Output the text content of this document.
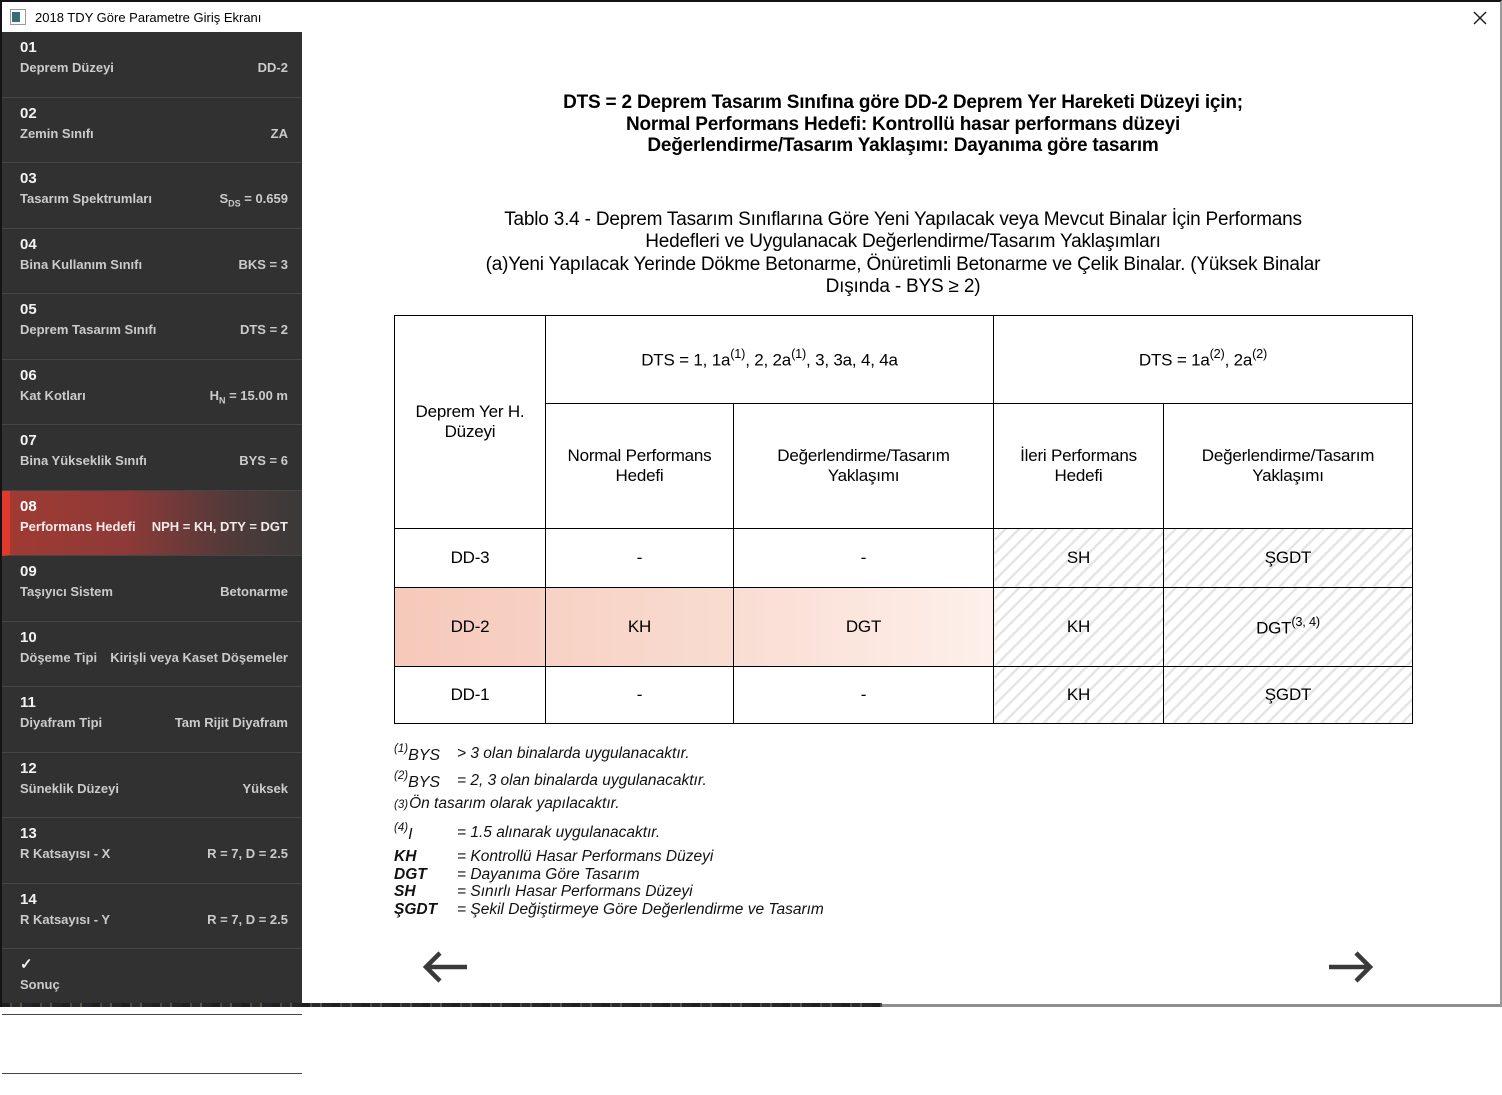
2018 TDY Göre Parametre Giriş Ekranı
01
Deprem Düzeyi	DD-2
02
Zemin Sınıfı	ZA
03
Tasarım Spektrumları	$S_{DS} = 0.659$
04
Bina Kullanım Sınıfı	BKS = 3
05
Deprem Tasarım Sınıfı	DTS = 2
06
Kat Kotları	$H_N = 15.00$ m
07
Bina Yükseklik Sınıfı	BYS = 6
08
Performans Hedefi NPH = KH, DTY = DGT
09
Taşıyıcı Sistem	Betonarme
10
Döşeme Tipi Kirişli veya Kaset Döşemeler
11
Diyafram Tipi	Tam Rijit Diyafram
12
Süneklik Düzeyi	Yüksek
13
R Katsayısı - X	R = 7, D = 2.5
14
R Katsayısı - Y	R = 7, D = 2.5
✓
Sonuç
DTS = 2 Deprem Tasarım Sınıfına göre DD-2 Deprem Yer Hareketi Düzeyi için;
Normal Performans Hedefi: Kontrollü hasar performans düzeyi
Değerlendirme/Tasarım Yaklaşımı: Dayanıma göre tasarım
Tablo 3.4 - Deprem Tasarım Sınıflarına Göre Yeni Yapılacak veya Mevcut Binalar İçin Performans
Hedefleri ve Uygulanacak Değerlendirme/Tasarım Yaklaşımları
(a)Yeni Yapılacak Yerinde Dökme Betonarme, Önüretimli Betonarme ve Çelik Binalar. (Yüksek Binalar
Dışında - BYS ≥ 2)
Deprem Yer H. Düzeyi	DTS = 1, $1a^{(1)}$, 2, $2a^{(1)}$, 3, 3a, 4, 4a		DTS = $1a^{(2)}$, $2a^{(2)}$
	Normal Performans Hedefi	Değerlendirme/Tasarım Yaklaşımı	İleri Performans Hedefi	Değerlendirme/Tasarım Yaklaşımı
DD-3	-	-	SH	ŞGDT
DD-2	KH	DGT	KH	DGT$^{(3, 4)}$
DD-1	-	-	KH	ŞGDT
$^{(1)}$BYS	> 3 olan binalarda uygulanacaktır.
$^{(2)}$BYS	= 2, 3 olan binalarda uygulanacaktır.
(3) Ön tasarım olarak yapılacaktır.
$^{(4)}$I	= 1.5 alınarak uygulanacaktır.
KH	= Kontrollü Hasar Performans Düzeyi
DGT	= Dayanıma Göre Tasarım
SH	= Sınırlı Hasar Performans Düzeyi
ŞGDT	= Şekil Değiştirmeye Göre Değerlendirme ve Tasarım
